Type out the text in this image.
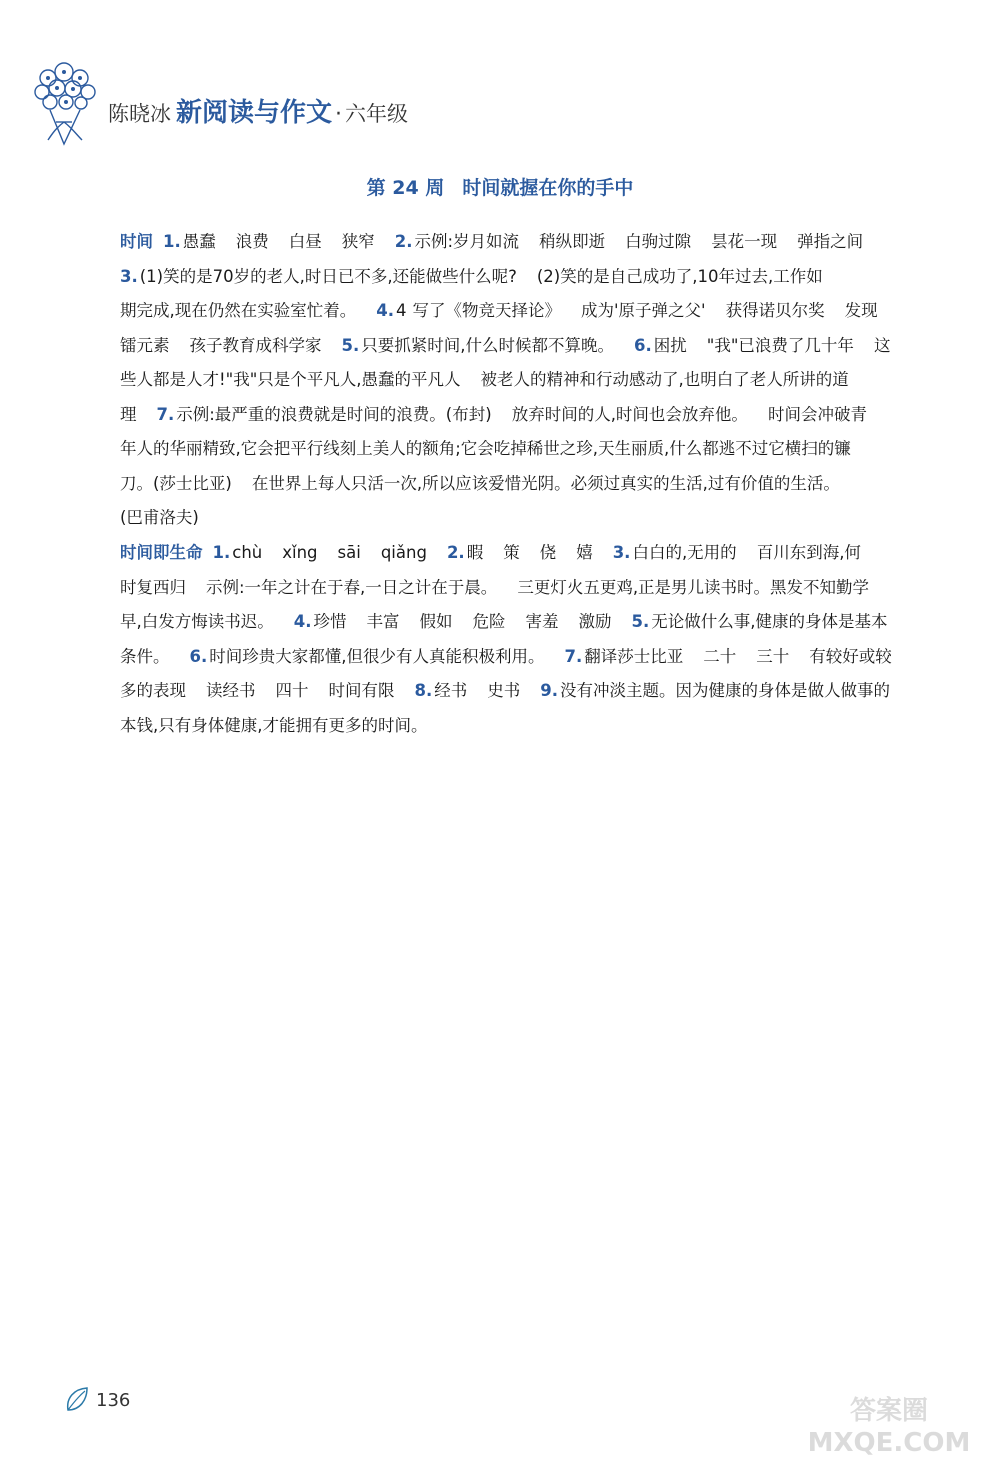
陈晓冰 新阅读与作文 · 六年级
第 24 周 时间就握在你的手中
时间 1. 愚蠢 浪费 白昼 狭窄 2. 示例:岁月如流 稍纵即逝 白驹过隙 昙花一现 弹指之间
3. (1)笑的是70岁的老人,时日已不多,还能做些什么呢? (2)笑的是自己成功了,10年过去,工作如
期完成,现在仍然在实验室忙着。 4. 4 写了《物竞天择论》 成为'原子弹之父' 获得诺贝尔奖 发现
镭元素 孩子教育成科学家 5. 只要抓紧时间,什么时候都不算晚。 6. 困扰 "我"已浪费了几十年 这
些人都是人才!"我"只是个平凡人,愚蠢的平凡人 被老人的精神和行动感动了,也明白了老人所讲的道
理 7. 示例:最严重的浪费就是时间的浪费。(布封) 放弃时间的人,时间也会放弃他。 时间会冲破青
年人的华丽精致,它会把平行线刻上美人的额角;它会吃掉稀世之珍,天生丽质,什么都逃不过它横扫的镰
刀。(莎士比亚) 在世界上每人只活一次,所以应该爱惜光阴。必须过真实的生活,过有价值的生活。
(巴甫洛夫)
时间即生命 1. chù xǐng sāi qiǎng 2. 暇 策 侥 嬉 3. 白白的,无用的 百川东到海,何
时复西归 示例:一年之计在于春,一日之计在于晨。 三更灯火五更鸡,正是男儿读书时。黑发不知勤学
早,白发方悔读书迟。 4. 珍惜 丰富 假如 危险 害羞 激励 5. 无论做什么事,健康的身体是基本
条件。 6. 时间珍贵大家都懂,但很少有人真能积极利用。 7. 翻译莎士比亚 二十 三十 有较好或较
多的表现 读经书 四十 时间有限 8. 经书 史书 9. 没有冲淡主题。因为健康的身体是做人做事的
本钱,只有身体健康,才能拥有更多的时间。
136	答案圈
MXQE.COM
